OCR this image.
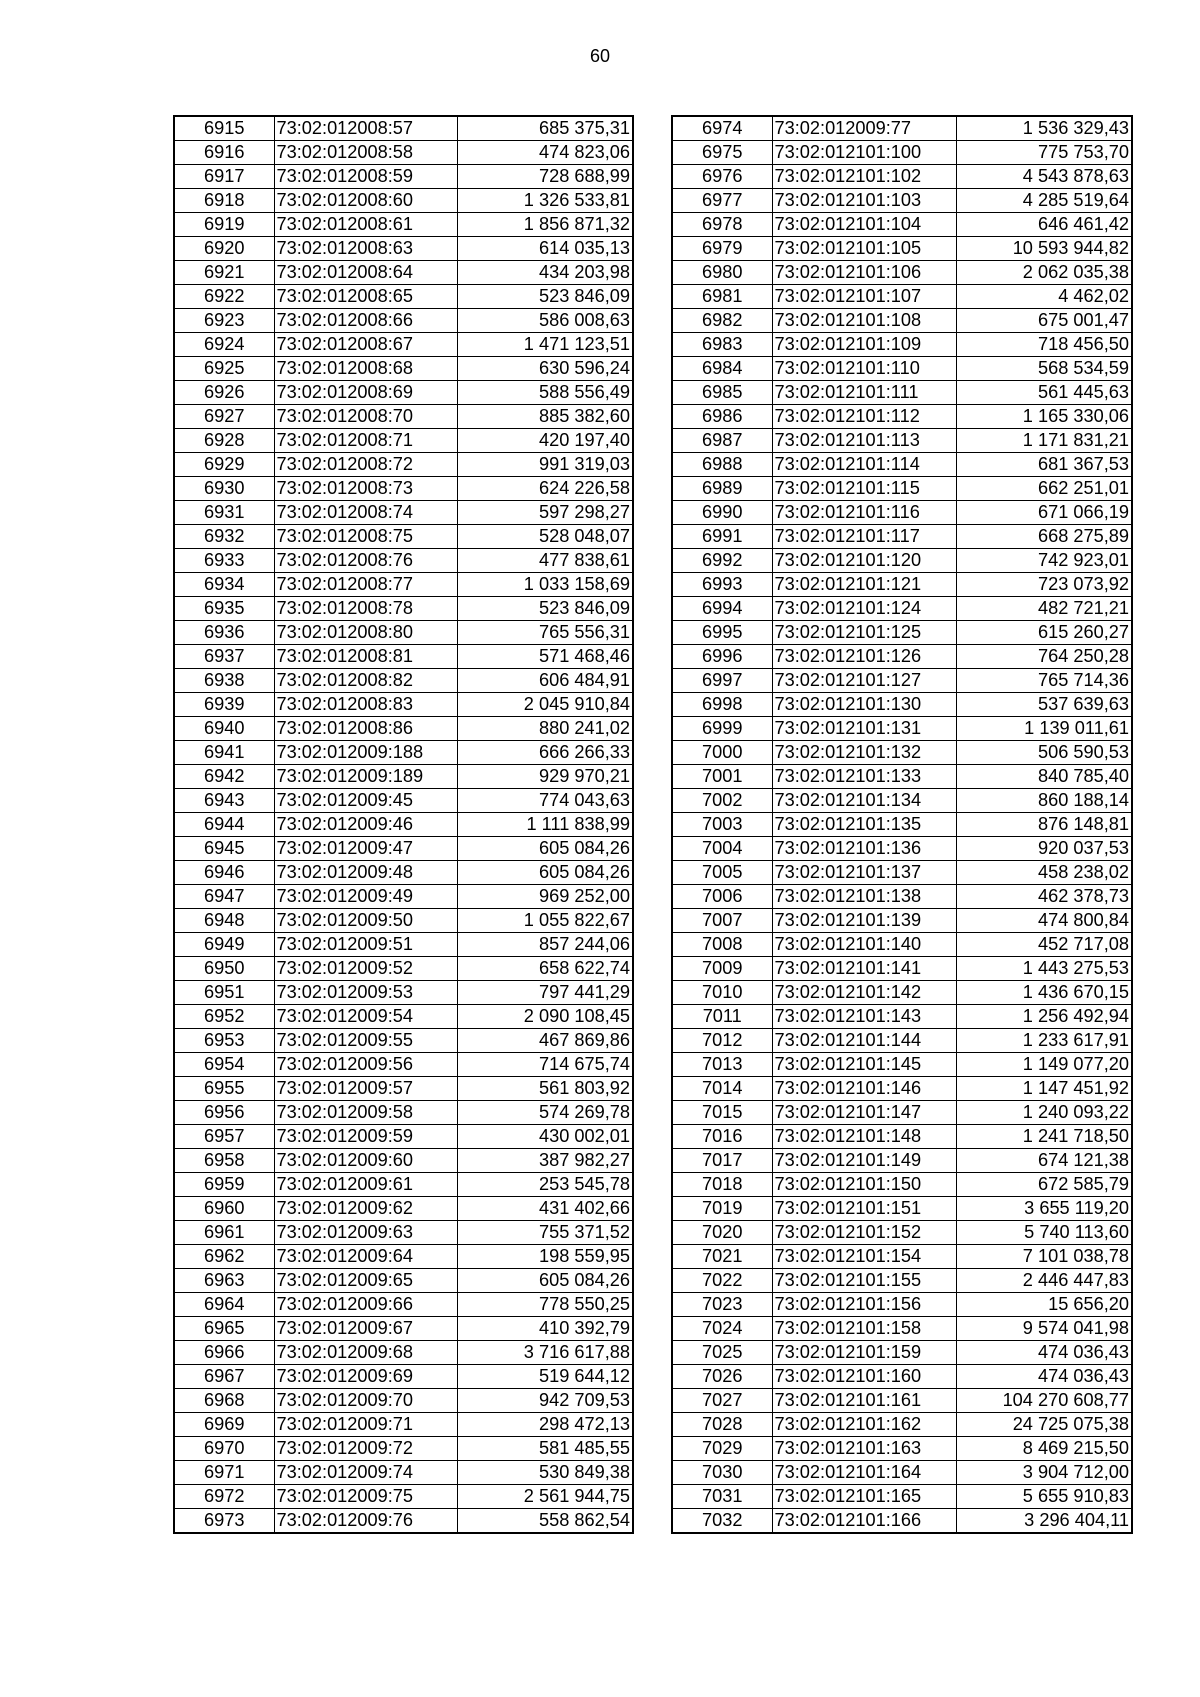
60
6915	73:02:012008:57	685 375,31
6916	73:02:012008:58	474 823,06
6917	73:02:012008:59	728 688,99
6918	73:02:012008:60	1 326 533,81
6919	73:02:012008:61	1 856 871,32
6920	73:02:012008:63	614 035,13
6921	73:02:012008:64	434 203,98
6922	73:02:012008:65	523 846,09
6923	73:02:012008:66	586 008,63
6924	73:02:012008:67	1 471 123,51
6925	73:02:012008:68	630 596,24
6926	73:02:012008:69	588 556,49
6927	73:02:012008:70	885 382,60
6928	73:02:012008:71	420 197,40
6929	73:02:012008:72	991 319,03
6930	73:02:012008:73	624 226,58
6931	73:02:012008:74	597 298,27
6932	73:02:012008:75	528 048,07
6933	73:02:012008:76	477 838,61
6934	73:02:012008:77	1 033 158,69
6935	73:02:012008:78	523 846,09
6936	73:02:012008:80	765 556,31
6937	73:02:012008:81	571 468,46
6938	73:02:012008:82	606 484,91
6939	73:02:012008:83	2 045 910,84
6940	73:02:012008:86	880 241,02
6941	73:02:012009:188	666 266,33
6942	73:02:012009:189	929 970,21
6943	73:02:012009:45	774 043,63
6944	73:02:012009:46	1 111 838,99
6945	73:02:012009:47	605 084,26
6946	73:02:012009:48	605 084,26
6947	73:02:012009:49	969 252,00
6948	73:02:012009:50	1 055 822,67
6949	73:02:012009:51	857 244,06
6950	73:02:012009:52	658 622,74
6951	73:02:012009:53	797 441,29
6952	73:02:012009:54	2 090 108,45
6953	73:02:012009:55	467 869,86
6954	73:02:012009:56	714 675,74
6955	73:02:012009:57	561 803,92
6956	73:02:012009:58	574 269,78
6957	73:02:012009:59	430 002,01
6958	73:02:012009:60	387 982,27
6959	73:02:012009:61	253 545,78
6960	73:02:012009:62	431 402,66
6961	73:02:012009:63	755 371,52
6962	73:02:012009:64	198 559,95
6963	73:02:012009:65	605 084,26
6964	73:02:012009:66	778 550,25
6965	73:02:012009:67	410 392,79
6966	73:02:012009:68	3 716 617,88
6967	73:02:012009:69	519 644,12
6968	73:02:012009:70	942 709,53
6969	73:02:012009:71	298 472,13
6970	73:02:012009:72	581 485,55
6971	73:02:012009:74	530 849,38
6972	73:02:012009:75	2 561 944,75
6973	73:02:012009:76	558 862,54
6974	73:02:012009:77	1 536 329,43
6975	73:02:012101:100	775 753,70
6976	73:02:012101:102	4 543 878,63
6977	73:02:012101:103	4 285 519,64
6978	73:02:012101:104	646 461,42
6979	73:02:012101:105	10 593 944,82
6980	73:02:012101:106	2 062 035,38
6981	73:02:012101:107	4 462,02
6982	73:02:012101:108	675 001,47
6983	73:02:012101:109	718 456,50
6984	73:02:012101:110	568 534,59
6985	73:02:012101:111	561 445,63
6986	73:02:012101:112	1 165 330,06
6987	73:02:012101:113	1 171 831,21
6988	73:02:012101:114	681 367,53
6989	73:02:012101:115	662 251,01
6990	73:02:012101:116	671 066,19
6991	73:02:012101:117	668 275,89
6992	73:02:012101:120	742 923,01
6993	73:02:012101:121	723 073,92
6994	73:02:012101:124	482 721,21
6995	73:02:012101:125	615 260,27
6996	73:02:012101:126	764 250,28
6997	73:02:012101:127	765 714,36
6998	73:02:012101:130	537 639,63
6999	73:02:012101:131	1 139 011,61
7000	73:02:012101:132	506 590,53
7001	73:02:012101:133	840 785,40
7002	73:02:012101:134	860 188,14
7003	73:02:012101:135	876 148,81
7004	73:02:012101:136	920 037,53
7005	73:02:012101:137	458 238,02
7006	73:02:012101:138	462 378,73
7007	73:02:012101:139	474 800,84
7008	73:02:012101:140	452 717,08
7009	73:02:012101:141	1 443 275,53
7010	73:02:012101:142	1 436 670,15
7011	73:02:012101:143	1 256 492,94
7012	73:02:012101:144	1 233 617,91
7013	73:02:012101:145	1 149 077,20
7014	73:02:012101:146	1 147 451,92
7015	73:02:012101:147	1 240 093,22
7016	73:02:012101:148	1 241 718,50
7017	73:02:012101:149	674 121,38
7018	73:02:012101:150	672 585,79
7019	73:02:012101:151	3 655 119,20
7020	73:02:012101:152	5 740 113,60
7021	73:02:012101:154	7 101 038,78
7022	73:02:012101:155	2 446 447,83
7023	73:02:012101:156	15 656,20
7024	73:02:012101:158	9 574 041,98
7025	73:02:012101:159	474 036,43
7026	73:02:012101:160	474 036,43
7027	73:02:012101:161	104 270 608,77
7028	73:02:012101:162	24 725 075,38
7029	73:02:012101:163	8 469 215,50
7030	73:02:012101:164	3 904 712,00
7031	73:02:012101:165	5 655 910,83
7032	73:02:012101:166	3 296 404,11
